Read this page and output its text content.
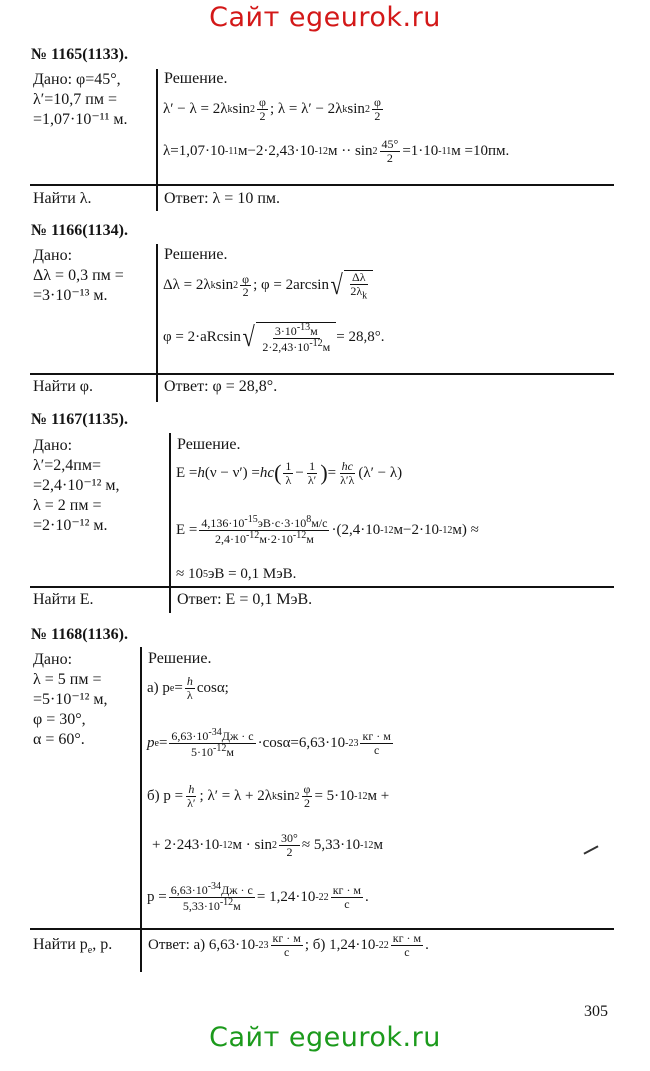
Сайт egeurok.ru
№ 1165(1133).
Дано: φ=45°,
λ′=10,7 пм =
=1,07·10⁻¹¹ м.
Решение.
λ′ − λ = 2λ k $\sin 2 \frac{\varphi}{2}$ ; λ = λ′ − 2λ k $\sin 2 \frac{\varphi}{2}$
λ=1,07·10 -11 м−2·2,43·10 -12 $м \cdot\cdot \sin 2 \frac{45^\circ}{2} =1\cdot 10$ -11 м =10пм.
Найти λ.	Ответ: λ = 10 пм.
№ 1166(1134).
Дано:
Δλ = 0,3 пм =
=3·10⁻¹³ м.
Решение.
Δλ = 2λ k $\sin 2 \frac{\varphi}{2}$ ; φ = 2arcsin √ $\frac{\Delta\lambda}{2\lambda_k}$
φ = 2·aRcsin √ $\frac{3\cdot 10^{-13}м}{2\cdot 2,43\cdot 10^{-12}м} = 28,8^\circ$.
Найти φ.	Ответ: φ = 28,8°.
№ 1167(1135).
Дано:
λ′=2,4пм=
=2,4·10⁻¹² м,
λ = 2 пм =
=2·10⁻¹² м.
Решение.
Е = h (ν − ν′) = hc ( $\frac{1}{\lambda} - \frac{1}{\lambda'}$ ) = $\frac{hc}{\lambda'\lambda} (\lambda' - \lambda)$
$Е = \frac{4,136\cdot 10^{-15}эВ\cdot с\cdot 3\cdot 10^8м/с}{2,4\cdot 10^{-12}м\cdot 2\cdot 10^{-12}м} \cdot(2,4\cdot 10$ -12 м−2·10 -12 м) ≈
≈ 10 5 эВ = 0,1 МэВ.
Найти Е.	Ответ: Е = 0,1 МэВ.
№ 1168(1136).
Дано:
λ = 5 пм =
=5·10⁻¹² м,
φ = 30°,
α = 60°.
Решение.
а) p $e = \frac{h}{\lambda} \cos\alpha$;
p $e = \frac{6,63\cdot 10^{-34}Дж \cdot с}{5\cdot 10^{-12}м} \cdot\cos\alpha=6,63\cdot 10$ $-23 \frac{кг \cdot м}{с}$
б) $p = \frac{h}{\lambda'}$ ; λ′ = λ + 2λ k $\sin 2 \frac{\varphi}{2} = 5\cdot 10$ -12 м +
+ 2·243·10 -12 $м \cdot \sin 2 \frac{30^\circ}{2} \approx 5,33\cdot 10$ -12 м
$p = \frac{6,63\cdot 10^{-34}Дж \cdot с}{5,33\cdot 10^{-12}м} = 1,24\cdot 10$ $-22 \frac{кг \cdot м}{с}$ .
Найти $p_e$, p. Ответ: а) 6,63·10 $-23 \frac{кг \cdot м}{с}$ ; б) 1,24·10 $-22 \frac{кг \cdot м}{с}$ .
305
Сайт egeurok.ru
